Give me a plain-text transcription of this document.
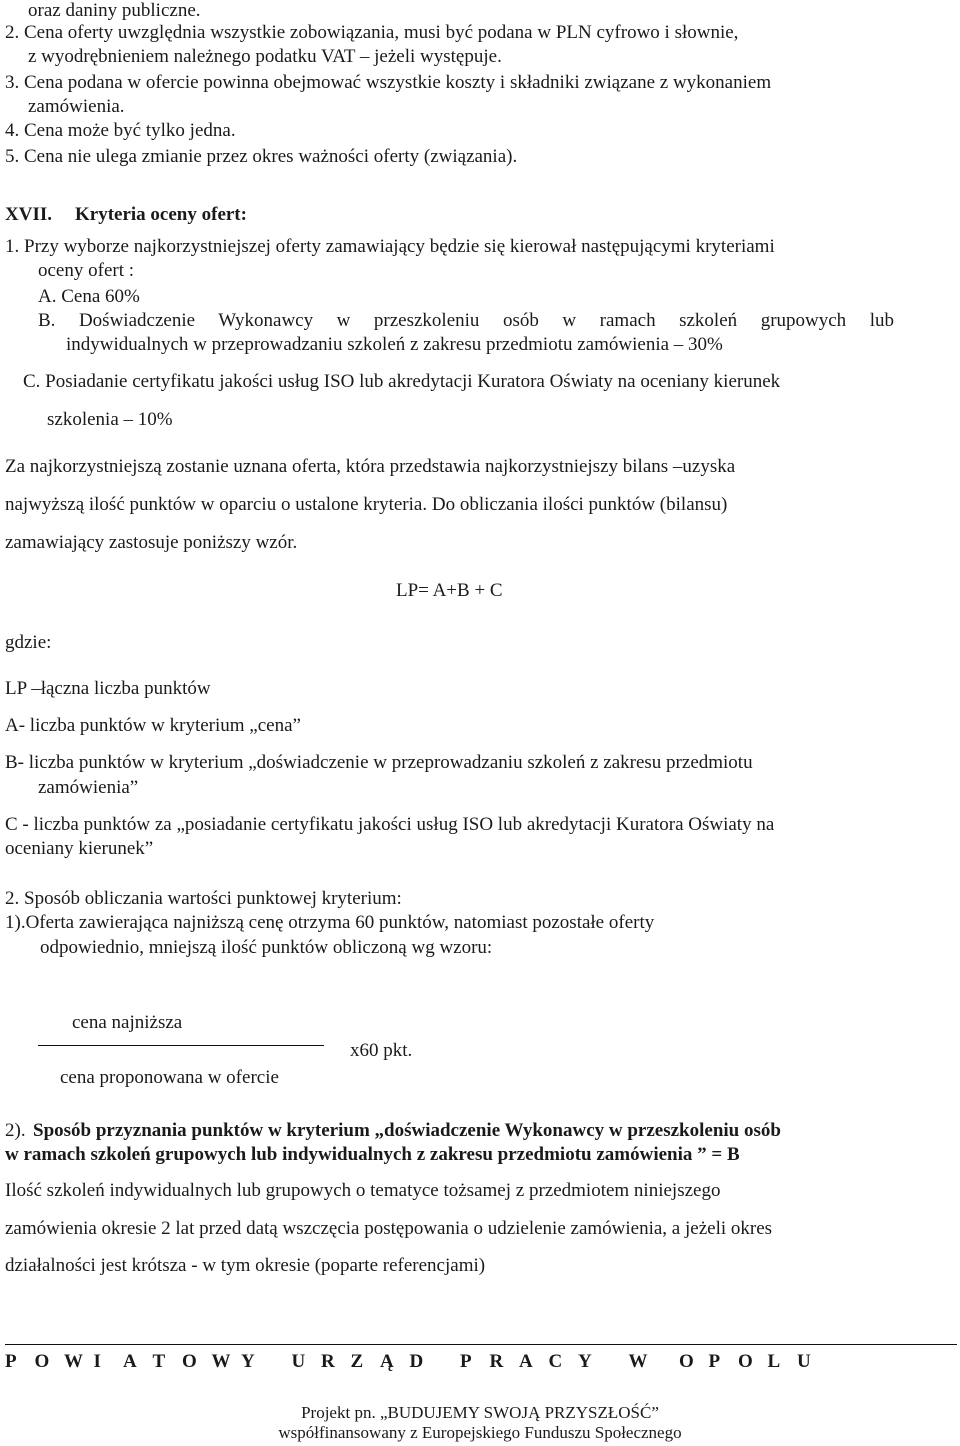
oraz daniny publiczne.
2. Cena oferty uwzględnia wszystkie zobowiązania, musi być podana w PLN cyfrowo i słownie,
z wyodrębnieniem należnego podatku VAT – jeżeli występuje.
3. Cena podana w ofercie powinna obejmować wszystkie koszty i składniki związane z wykonaniem
zamówienia.
4. Cena może być tylko jedna.
5. Cena nie ulega zmianie przez okres ważności oferty (związania).
XVII. Kryteria oceny ofert:
1. Przy wyborze najkorzystniejszej oferty zamawiający będzie się kierował następującymi kryteriami
oceny ofert :
A. Cena 60%
B. Doświadczenie Wykonawcy w przeszkoleniu osób w ramach szkoleń grupowych lub
indywidualnych w przeprowadzaniu szkoleń z zakresu przedmiotu zamówienia – 30%
C. Posiadanie certyfikatu jakości usług ISO lub akredytacji Kuratora Oświaty na oceniany kierunek
szkolenia – 10%
Za najkorzystniejszą zostanie uznana oferta, która przedstawia najkorzystniejszy bilans –uzyska
najwyższą ilość punktów w oparciu o ustalone kryteria. Do obliczania ilości punktów (bilansu)
zamawiający zastosuje poniższy wzór.
LP= A+B + C
gdzie:
LP –łączna liczba punktów
A- liczba punktów w kryterium „cena”
B- liczba punktów w kryterium „doświadczenie w przeprowadzaniu szkoleń z zakresu przedmiotu
zamówienia”
C - liczba punktów za „posiadanie certyfikatu jakości usług ISO lub akredytacji Kuratora Oświaty na
oceniany kierunek”
2. Sposób obliczania wartości punktowej kryterium:
1).Oferta zawierająca najniższą cenę otrzyma 60 punktów, natomiast pozostałe oferty
odpowiednio, mniejszą ilość punktów obliczoną wg wzoru:
cena najniższa
x60 pkt.
cena proponowana w ofercie
2). Sposób przyznania punktów w kryterium „doświadczenie Wykonawcy w przeszkoleniu osób
w ramach szkoleń grupowych lub indywidualnych z zakresu przedmiotu zamówienia ” = B
Ilość szkoleń indywidualnych lub grupowych o tematyce tożsamej z przedmiotem niniejszego
zamówienia okresie 2 lat przed datą wszczęcia postępowania o udzielenie zamówienia, a jeżeli okres
działalności jest krótsza - w tym okresie (poparte referencjami)
P O W I A T O W Y U R Z Ą D P R A C Y W O P O L U
Projekt pn. „BUDUJEMY SWOJĄ PRZYSZŁOŚĆ”
współfinansowany z Europejskiego Funduszu Społecznego
